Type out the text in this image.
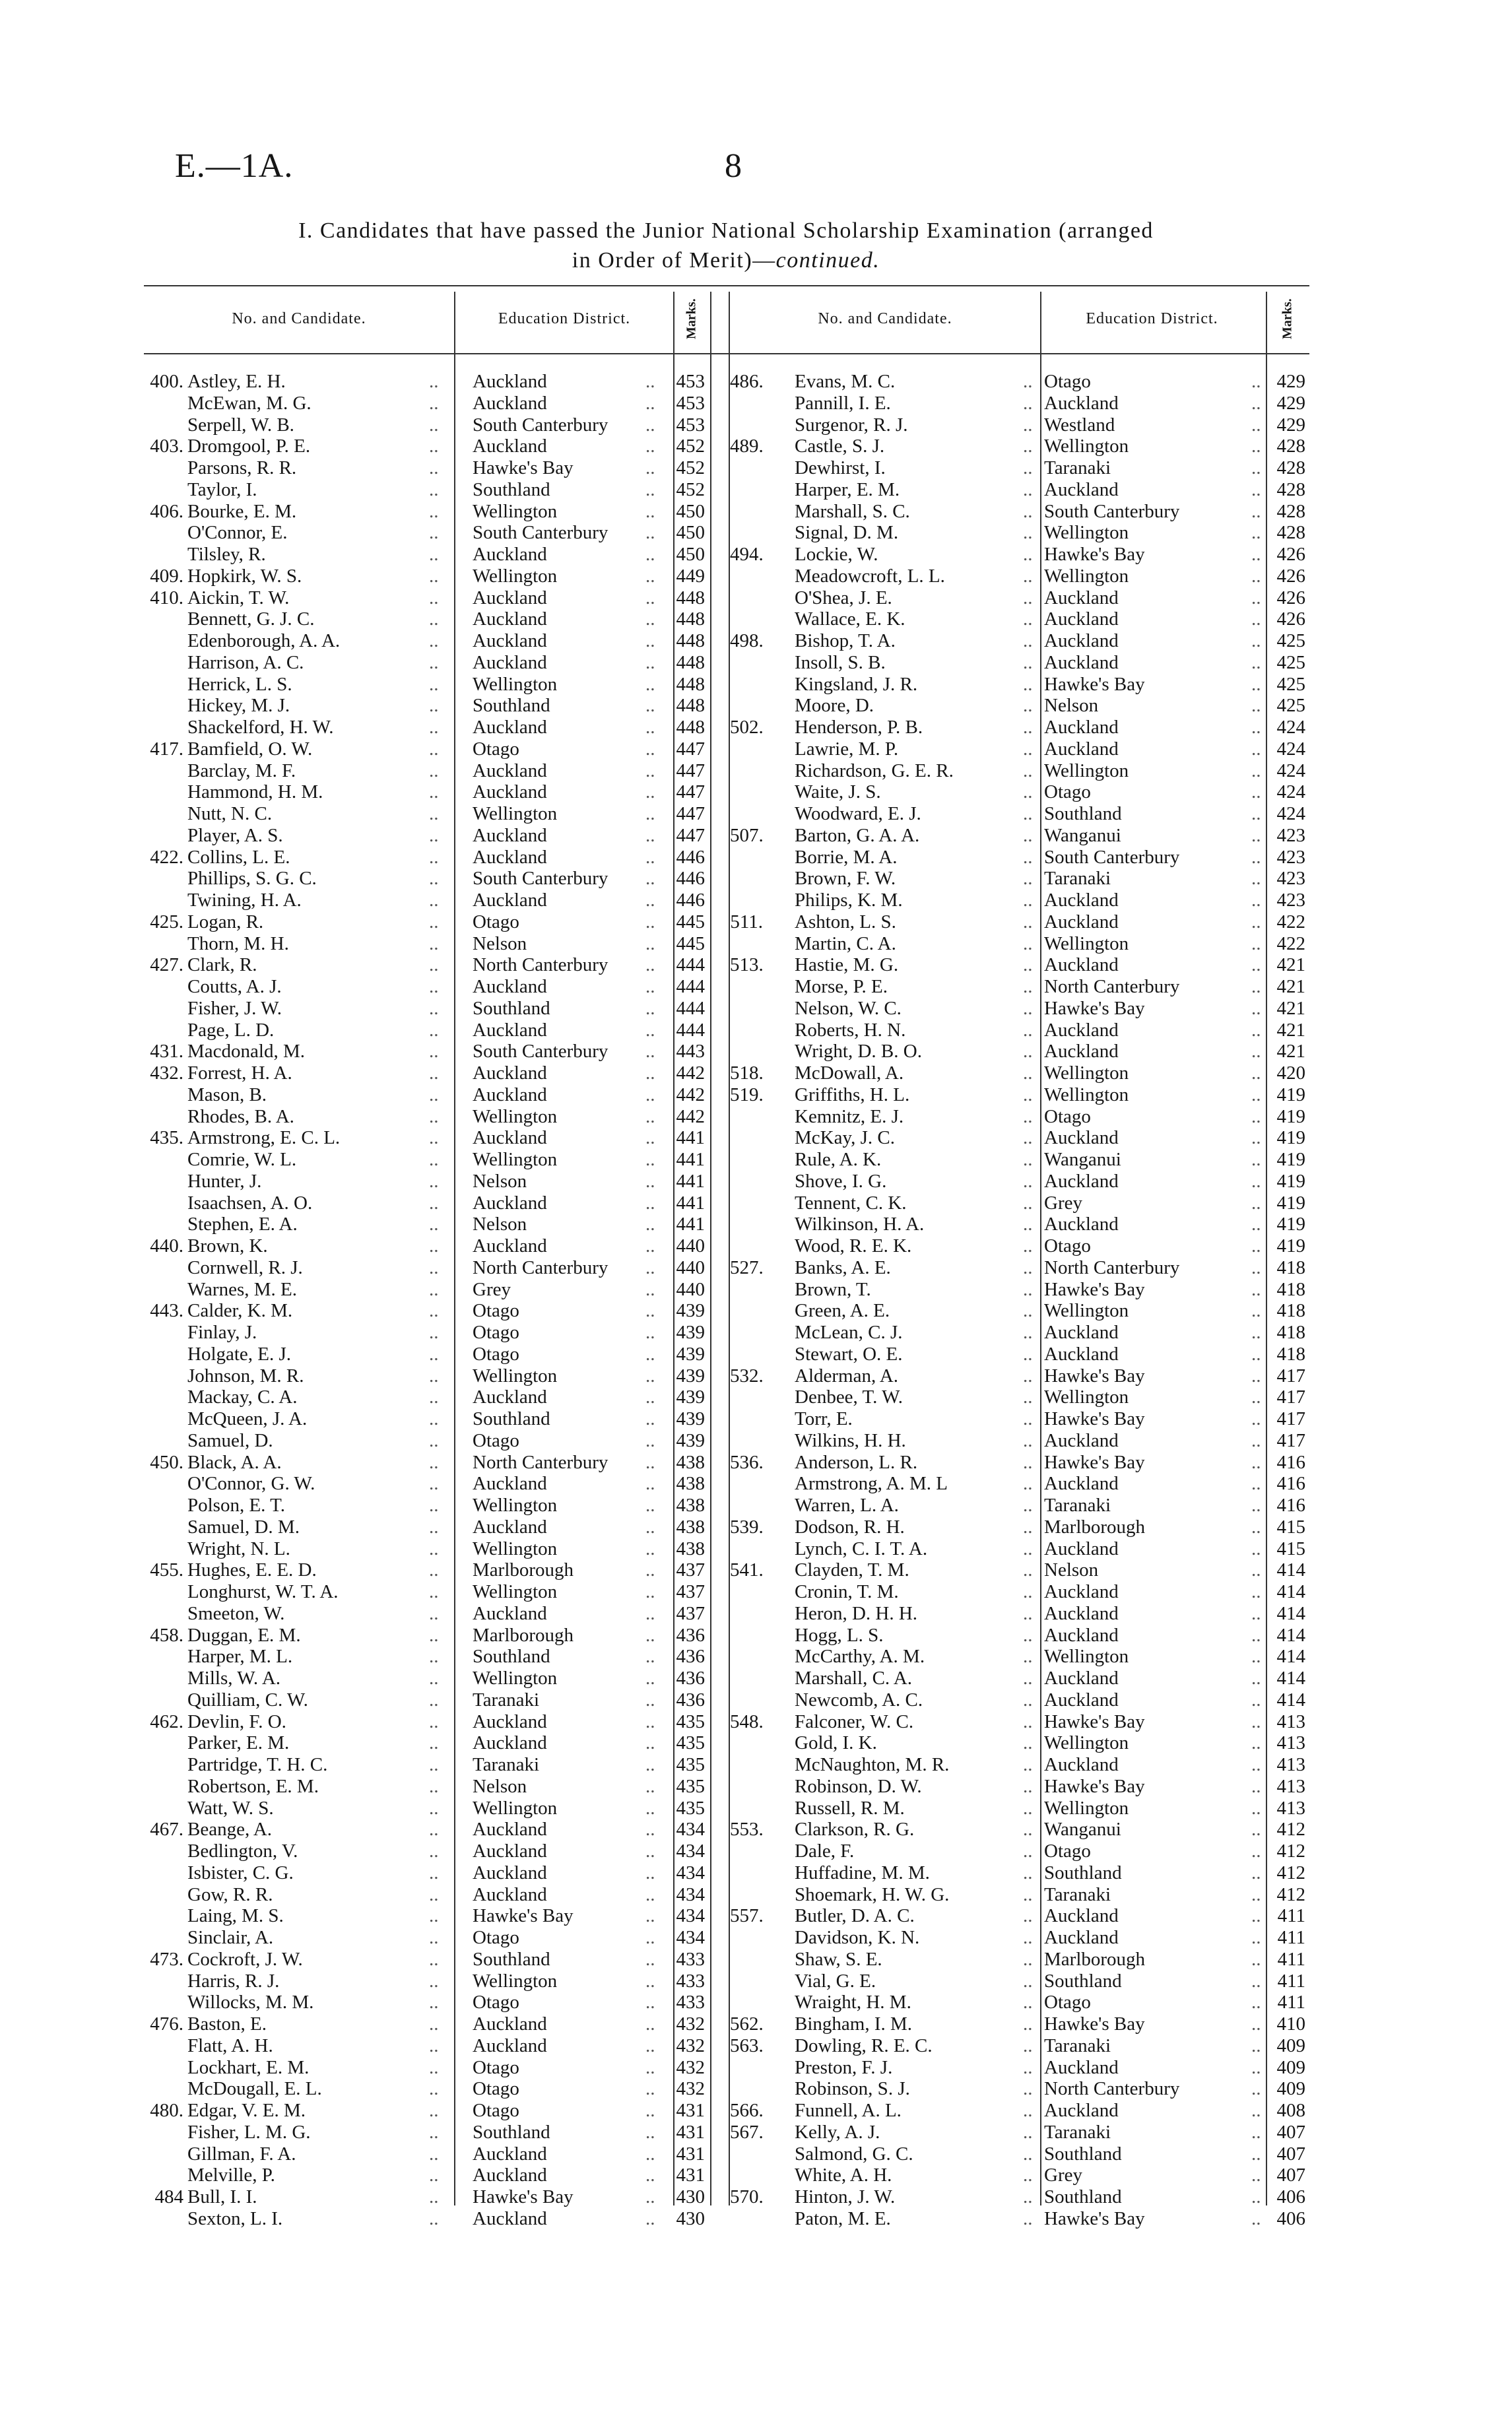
E.—1A.	8
I. Candidates that have passed the Junior National Scholarship Examination (arranged
in Order of Merit)—continued.
No. and Candidate.	Education District.	Marks.	No. and Candidate.	Education District.	Marks.
400. Astley, E. H.	.. Auckland	.. 453
McEwan, M. G.	.. Auckland	.. 453
Serpell, W. B.	.. South Canterbury .. 453
403. Dromgool, P. E.	.. Auckland	.. 452
Parsons, R. R.	.. Hawke's Bay	.. 452
Taylor, I.	.. Southland	.. 452
406. Bourke, E. M.	.. Wellington	.. 450
O'Connor, E.	.. South Canterbury .. 450
Tilsley, R.	.. Auckland	.. 450
409. Hopkirk, W. S.	.. Wellington	.. 449
410. Aickin, T. W.	.. Auckland	.. 448
Bennett, G. J. C.	.. Auckland	.. 448
Edenborough, A. A.	.. Auckland	.. 448
Harrison, A. C.	.. Auckland	.. 448
Herrick, L. S.	.. Wellington	.. 448
Hickey, M. J.	.. Southland	.. 448
Shackelford, H. W.	.. Auckland	.. 448
417. Bamfield, O. W.	.. Otago	.. 447
Barclay, M. F.	.. Auckland	.. 447
Hammond, H. M.	.. Auckland	.. 447
Nutt, N. C.	.. Wellington	.. 447
Player, A. S.	.. Auckland	.. 447
422. Collins, L. E.	.. Auckland	.. 446
Phillips, S. G. C.	.. South Canterbury .. 446
Twining, H. A.	.. Auckland	.. 446
425. Logan, R.	.. Otago	.. 445
Thorn, M. H.	.. Nelson	.. 445
427. Clark, R.	.. North Canterbury .. 444
Coutts, A. J.	.. Auckland	.. 444
Fisher, J. W.	.. Southland	.. 444
Page, L. D.	.. Auckland	.. 444
431. Macdonald, M.	.. South Canterbury .. 443
432. Forrest, H. A.	.. Auckland	.. 442
Mason, B.	.. Auckland	.. 442
Rhodes, B. A.	.. Wellington	.. 442
435. Armstrong, E. C. L.	.. Auckland	.. 441
Comrie, W. L.	.. Wellington	.. 441
Hunter, J.	.. Nelson	.. 441
Isaachsen, A. O.	.. Auckland	.. 441
Stephen, E. A.	.. Nelson	.. 441
440. Brown, K.	.. Auckland	.. 440
Cornwell, R. J.	.. North Canterbury .. 440
Warnes, M. E.	.. Grey	.. 440
443. Calder, K. M.	.. Otago	.. 439
Finlay, J.	.. Otago	.. 439
Holgate, E. J.	.. Otago	.. 439
Johnson, M. R.	.. Wellington	.. 439
Mackay, C. A.	.. Auckland	.. 439
McQueen, J. A.	.. Southland	.. 439
Samuel, D.	.. Otago	.. 439
450. Black, A. A.	.. North Canterbury .. 438
O'Connor, G. W.	.. Auckland	.. 438
Polson, E. T.	.. Wellington	.. 438
Samuel, D. M.	.. Auckland	.. 438
Wright, N. L.	.. Wellington	.. 438
455. Hughes, E. E. D.	.. Marlborough	.. 437
Longhurst, W. T. A.	.. Wellington	.. 437
Smeeton, W.	.. Auckland	.. 437
458. Duggan, E. M.	.. Marlborough	.. 436
Harper, M. L.	.. Southland	.. 436
Mills, W. A.	.. Wellington	.. 436
Quilliam, C. W.	.. Taranaki	.. 436
462. Devlin, F. O.	.. Auckland	.. 435
Parker, E. M.	.. Auckland	.. 435
Partridge, T. H. C.	.. Taranaki	.. 435
Robertson, E. M.	.. Nelson	.. 435
Watt, W. S.	.. Wellington	.. 435
467. Beange, A.	.. Auckland	.. 434
Bedlington, V.	.. Auckland	.. 434
Isbister, C. G.	.. Auckland	.. 434
Gow, R. R.	.. Auckland	.. 434
Laing, M. S.	.. Hawke's Bay	.. 434
Sinclair, A.	.. Otago	.. 434
473. Cockroft, J. W.	.. Southland	.. 433
Harris, R. J.	.. Wellington	.. 433
Willocks, M. M.	.. Otago	.. 433
476. Baston, E.	.. Auckland	.. 432
Flatt, A. H.	.. Auckland	.. 432
Lockhart, E. M.	.. Otago	.. 432
McDougall, E. L.	.. Otago	.. 432
480. Edgar, V. E. M.	.. Otago	.. 431
Fisher, L. M. G.	.. Southland	.. 431
Gillman, F. A.	.. Auckland	.. 431
Melville, P.	.. Auckland	.. 431
484 Bull, I. I.	.. Hawke's Bay	.. 430
Sexton, L. I.	.. Auckland	.. 430
486. Evans, M. C.	.. Otago	.. 429
Pannill, I. E.	.. Auckland	.. 429
Surgenor, R. J.	.. Westland	.. 429
489. Castle, S. J.	.. Wellington	.. 428
Dewhirst, I.	.. Taranaki	.. 428
Harper, E. M.	.. Auckland	.. 428
Marshall, S. C.	.. South Canterbury	.. 428
Signal, D. M.	.. Wellington	.. 428
494. Lockie, W.	.. Hawke's Bay	.. 426
Meadowcroft, L. L.	.. Wellington	.. 426
O'Shea, J. E.	.. Auckland	.. 426
Wallace, E. K.	.. Auckland	.. 426
498. Bishop, T. A.	.. Auckland	.. 425
Insoll, S. B.	.. Auckland	.. 425
Kingsland, J. R.	.. Hawke's Bay	.. 425
Moore, D.	.. Nelson	.. 425
502. Henderson, P. B.	.. Auckland	.. 424
Lawrie, M. P.	.. Auckland	.. 424
Richardson, G. E. R.	.. Wellington	.. 424
Waite, J. S.	.. Otago	.. 424
Woodward, E. J.	.. Southland	.. 424
507. Barton, G. A. A.	.. Wanganui	.. 423
Borrie, M. A.	.. South Canterbury	.. 423
Brown, F. W.	.. Taranaki	.. 423
Philips, K. M.	.. Auckland	.. 423
511. Ashton, L. S.	.. Auckland	.. 422
Martin, C. A.	.. Wellington	.. 422
513. Hastie, M. G.	.. Auckland	.. 421
Morse, P. E.	.. North Canterbury	.. 421
Nelson, W. C.	.. Hawke's Bay	.. 421
Roberts, H. N.	.. Auckland	.. 421
Wright, D. B. O.	.. Auckland	.. 421
518. McDowall, A.	.. Wellington	.. 420
519. Griffiths, H. L.	.. Wellington	.. 419
Kemnitz, E. J.	.. Otago	.. 419
McKay, J. C.	.. Auckland	.. 419
Rule, A. K.	.. Wanganui	.. 419
Shove, I. G.	.. Auckland	.. 419
Tennent, C. K.	.. Grey	.. 419
Wilkinson, H. A.	.. Auckland	.. 419
Wood, R. E. K.	.. Otago	.. 419
527. Banks, A. E.	.. North Canterbury	.. 418
Brown, T.	.. Hawke's Bay	.. 418
Green, A. E.	.. Wellington	.. 418
McLean, C. J.	.. Auckland	.. 418
Stewart, O. E.	.. Auckland	.. 418
532. Alderman, A.	.. Hawke's Bay	.. 417
Denbee, T. W.	.. Wellington	.. 417
Torr, E.	.. Hawke's Bay	.. 417
Wilkins, H. H.	.. Auckland	.. 417
536. Anderson, L. R.	.. Hawke's Bay	.. 416
Armstrong, A. M. L	.. Auckland	.. 416
Warren, L. A.	.. Taranaki	.. 416
539. Dodson, R. H.	.. Marlborough	.. 415
Lynch, C. I. T. A.	.. Auckland	.. 415
541. Clayden, T. M.	.. Nelson	.. 414
Cronin, T. M.	.. Auckland	.. 414
Heron, D. H. H.	.. Auckland	.. 414
Hogg, L. S.	.. Auckland	.. 414
McCarthy, A. M.	.. Wellington	.. 414
Marshall, C. A.	.. Auckland	.. 414
Newcomb, A. C.	.. Auckland	.. 414
548. Falconer, W. C.	.. Hawke's Bay	.. 413
Gold, I. K.	.. Wellington	.. 413
McNaughton, M. R.	.. Auckland	.. 413
Robinson, D. W.	.. Hawke's Bay	.. 413
Russell, R. M.	.. Wellington	.. 413
553. Clarkson, R. G.	.. Wanganui	.. 412
Dale, F.	.. Otago	.. 412
Huffadine, M. M.	.. Southland	.. 412
Shoemark, H. W. G.	.. Taranaki	.. 412
557. Butler, D. A. C.	.. Auckland	.. 411
Davidson, K. N.	.. Auckland	.. 411
Shaw, S. E.	.. Marlborough	.. 411
Vial, G. E.	.. Southland	.. 411
Wraight, H. M.	.. Otago	.. 411
562. Bingham, I. M.	.. Hawke's Bay	.. 410
563. Dowling, R. E. C.	.. Taranaki	.. 409
Preston, F. J.	.. Auckland	.. 409
Robinson, S. J.	.. North Canterbury	.. 409
566. Funnell, A. L.	.. Auckland	.. 408
567. Kelly, A. J.	.. Taranaki	.. 407
Salmond, G. C.	.. Southland	.. 407
White, A. H.	.. Grey	.. 407
570. Hinton, J. W.	.. Southland	.. 406
Paton, M. E.	.. Hawke's Bay	.. 406
